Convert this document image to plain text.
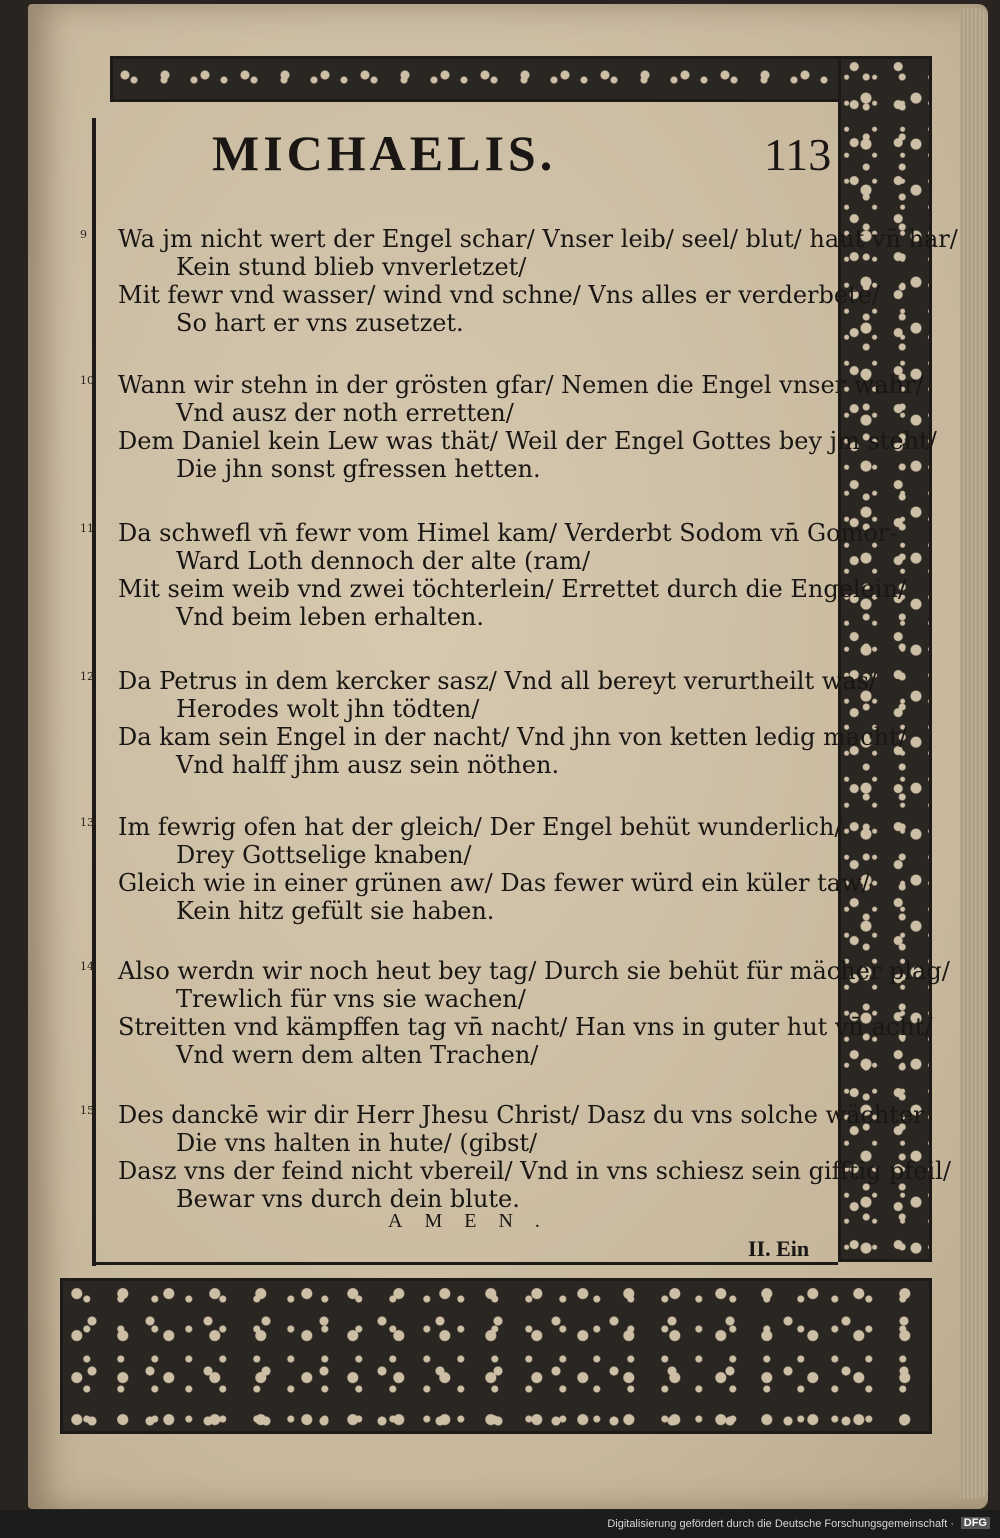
MICHAELIS.	113
9 Wa jm nicht wert der Engel schar/ Vnser leib/ seel/ blut/ haut vn̄ har/
Kein stund blieb vnverletzet/
Mit fewr vnd wasser/ wind vnd schne/ Vns alles er verderbete/
So hart er vns zusetzet.
10 Wann wir stehn in der grösten gfar/ Nemen die Engel vnser wahr/
Vnd ausz der noth erretten/
Dem Daniel kein Lew was thät/ Weil der Engel Gottes bey jm steht/
Die jhn sonst gfressen hetten.
11 Da schwefl vn̄ fewr vom Himel kam/ Verderbt Sodom vn̄ Gomor-
Ward Loth dennoch der alte (ram/
Mit seim weib vnd zwei töchterlein/ Errettet durch die Engelein/
Vnd beim leben erhalten.
12 Da Petrus in dem kercker sasz/ Vnd all bereyt verurtheilt was/
Herodes wolt jhn tödten/
Da kam sein Engel in der nacht/ Vnd jhn von ketten ledig macht/
Vnd halff jhm ausz sein nöthen.
13 Im fewrig ofen hat der gleich/ Der Engel behüt wunderlich/
Drey Gottselige knaben/
Gleich wie in einer grünen aw/ Das fewer würd ein küler taw/
Kein hitz gefült sie haben.
14 Also werdn wir noch heut bey tag/ Durch sie behüt für mächer plag/
Trewlich für vns sie wachen/
Streitten vnd kämpffen tag vn̄ nacht/ Han vns in guter hut vn̄ acht/
Vnd wern dem alten Trachen/
15 Des danckē wir dir Herr Jhesu Christ/ Dasz du vns solche wächter
Die vns halten in hute/ (gibst/
Dasz vns der feind nicht vbereil/ Vnd in vns schiesz sein gifftig pfeil/
Bewar vns durch dein blute.
AMEN.
II. Ein
Digitalisierung gefördert durch die Deutsche Forschungsgemeinschaft · DFG
